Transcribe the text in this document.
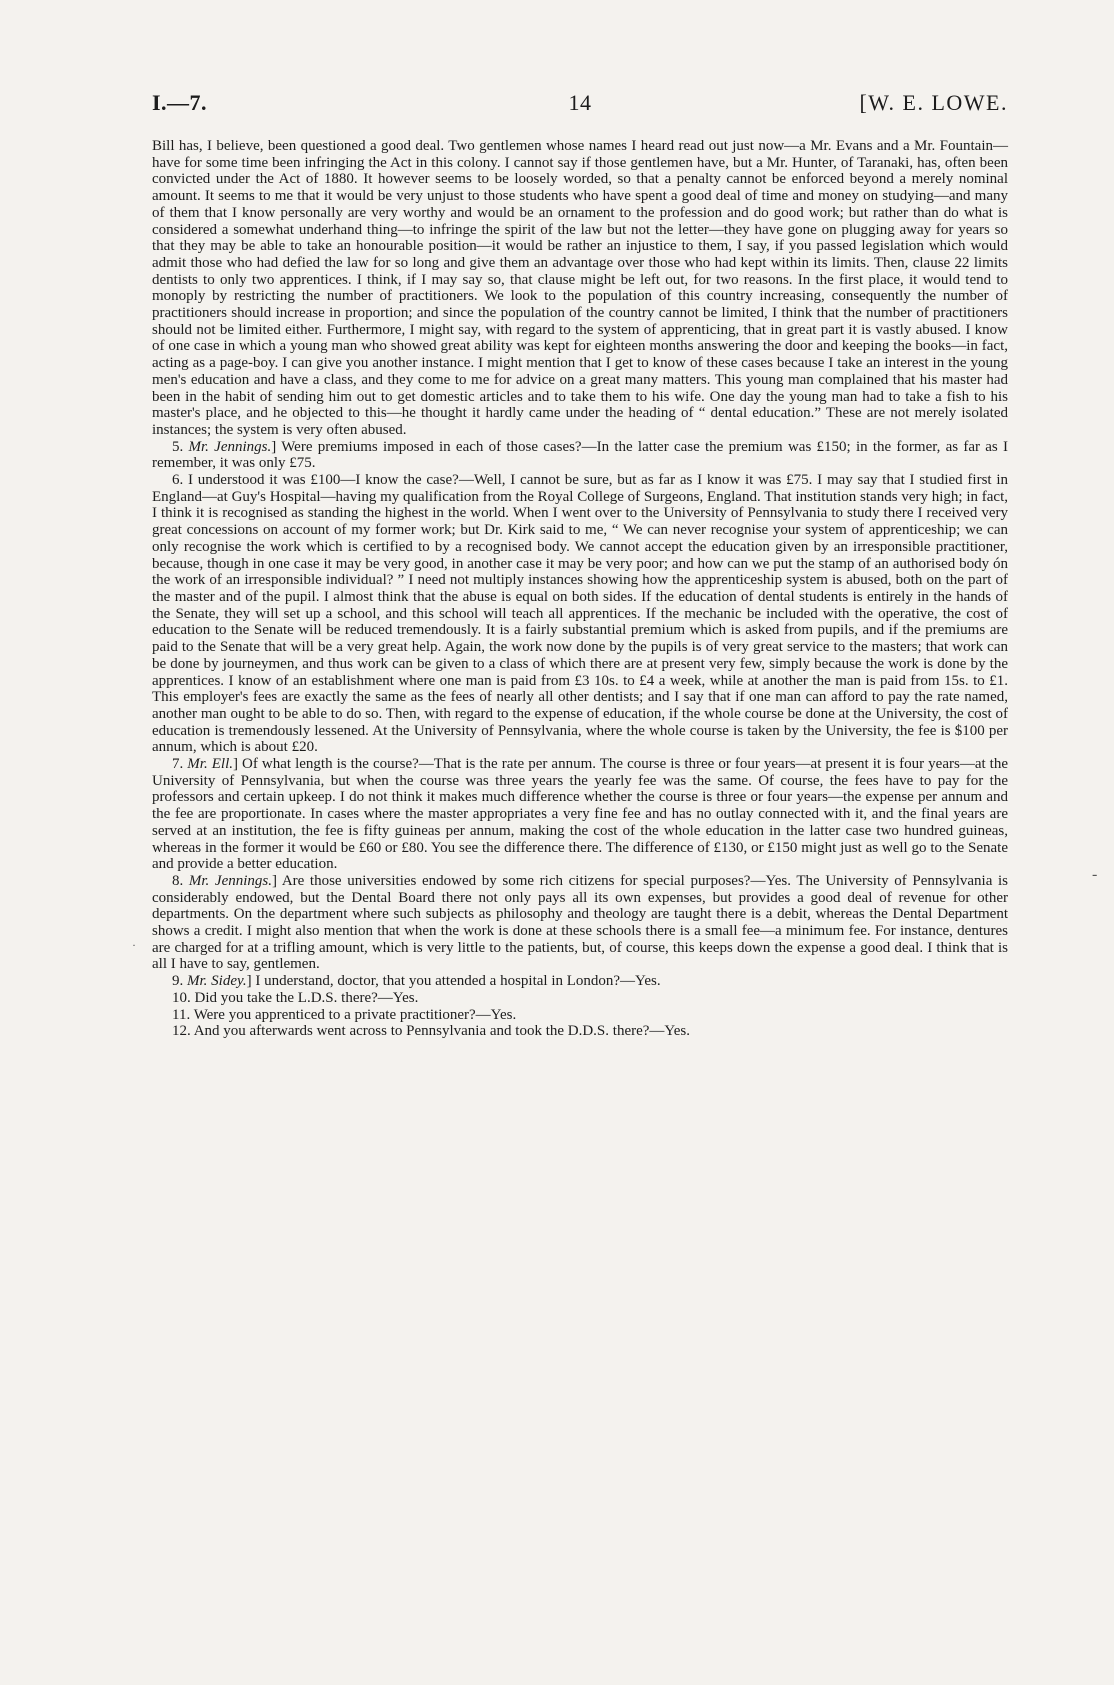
I.—7.	14	[W. E. LOWE.

Bill has, I believe, been questioned a good deal. Two gentlemen whose names I heard read out just now—a Mr. Evans and a Mr. Fountain—have for some time been infringing the Act in this colony. I cannot say if those gentlemen have, but a Mr. Hunter, of Taranaki, has, often been convicted under the Act of 1880. It however seems to be loosely worded, so that a penalty cannot be enforced beyond a merely nominal amount. It seems to me that it would be very unjust to those students who have spent a good deal of time and money on studying—and many of them that I know personally are very worthy and would be an ornament to the profession and do good work; but rather than do what is considered a somewhat underhand thing—to infringe the spirit of the law but not the letter—they have gone on plugging away for years so that they may be able to take an honourable position—it would be rather an injustice to them, I say, if you passed legislation which would admit those who had defied the law for so long and give them an advantage over those who had kept within its limits. Then, clause 22 limits dentists to only two apprentices. I think, if I may say so, that clause might be left out, for two reasons. In the first place, it would tend to monoply by restricting the number of practitioners. We look to the population of this country increasing, consequently the number of practitioners should increase in proportion; and since the population of the country cannot be limited, I think that the number of practitioners should not be limited either. Furthermore, I might say, with regard to the system of apprenticing, that in great part it is vastly abused. I know of one case in which a young man who showed great ability was kept for eighteen months answering the door and keeping the books—in fact, acting as a page-boy. I can give you another instance. I might mention that I get to know of these cases because I take an interest in the young men's education and have a class, and they come to me for advice on a great many matters. This young man complained that his master had been in the habit of sending him out to get domestic articles and to take them to his wife. One day the young man had to take a fish to his master's place, and he objected to this—he thought it hardly came under the heading of “ dental education.” These are not merely isolated instances; the system is very often abused.

5. Mr. Jennings.] Were premiums imposed in each of those cases?—In the latter case the premium was £150; in the former, as far as I remember, it was only £75.

6. I understood it was £100—I know the case?—Well, I cannot be sure, but as far as I know it was £75. I may say that I studied first in England—at Guy's Hospital—having my qualification from the Royal College of Surgeons, England. That institution stands very high; in fact, I think it is recognised as standing the highest in the world. When I went over to the University of Pennsylvania to study there I received very great concessions on account of my former work; but Dr. Kirk said to me, “ We can never recognise your system of apprenticeship; we can only recognise the work which is certified to by a recognised body. We cannot accept the education given by an irresponsible practitioner, because, though in one case it may be very good, in another case it may be very poor; and how can we put the stamp of an authorised body ón the work of an irresponsible individual? ” I need not multiply instances showing how the apprenticeship system is abused, both on the part of the master and of the pupil. I almost think that the abuse is equal on both sides. If the education of dental students is entirely in the hands of the Senate, they will set up a school, and this school will teach all apprentices. If the mechanic be included with the operative, the cost of education to the Senate will be reduced tremendously. It is a fairly substantial premium which is asked from pupils, and if the premiums are paid to the Senate that will be a very great help. Again, the work now done by the pupils is of very great service to the masters; that work can be done by journeymen, and thus work can be given to a class of which there are at present very few, simply because the work is done by the apprentices. I know of an establishment where one man is paid from £3 10s. to £4 a week, while at another the man is paid from 15s. to £1. This employer's fees are exactly the same as the fees of nearly all other dentists; and I say that if one man can afford to pay the rate named, another man ought to be able to do so. Then, with regard to the expense of education, if the whole course be done at the University, the cost of education is tremendously lessened. At the University of Pennsylvania, where the whole course is taken by the University, the fee is $100 per annum, which is about £20.

7. Mr. Ell.] Of what length is the course?—That is the rate per annum. The course is three or four years—at present it is four years—at the University of Pennsylvania, but when the course was three years the yearly fee was the same. Of course, the fees have to pay for the professors and certain upkeep. I do not think it makes much difference whether the course is three or four years—the expense per annum and the fee are proportionate. In cases where the master appropriates a very fine fee and has no outlay connected with it, and the final years are served at an institution, the fee is fifty guineas per annum, making the cost of the whole education in the latter case two hundred guineas, whereas in the former it would be £60 or £80. You see the difference there. The difference of £130, or £150 might just as well go to the Senate and provide a better education.

8. Mr. Jennings.] Are those universities endowed by some rich citizens for special purposes?—Yes. The University of Pennsylvania is considerably endowed, but the Dental Board there not only pays all its own expenses, but provides a good deal of revenue for other departments. On the department where such subjects as philosophy and theology are taught there is a debit, whereas the Dental Department shows a credit. I might also mention that when the work is done at these schools there is a small fee—a minimum fee. For instance, dentures are charged for at a trifling amount, which is very little to the patients, but, of course, this keeps down the expense a good deal. I think that is all I have to say, gentlemen.

9. Mr. Sidey.] I understand, doctor, that you attended a hospital in London?—Yes.

10. Did you take the L.D.S. there?—Yes.

11. Were you apprenticed to a private practitioner?—Yes.

12. And you afterwards went across to Pennsylvania and took the D.D.S. there?—Yes.

-
·
